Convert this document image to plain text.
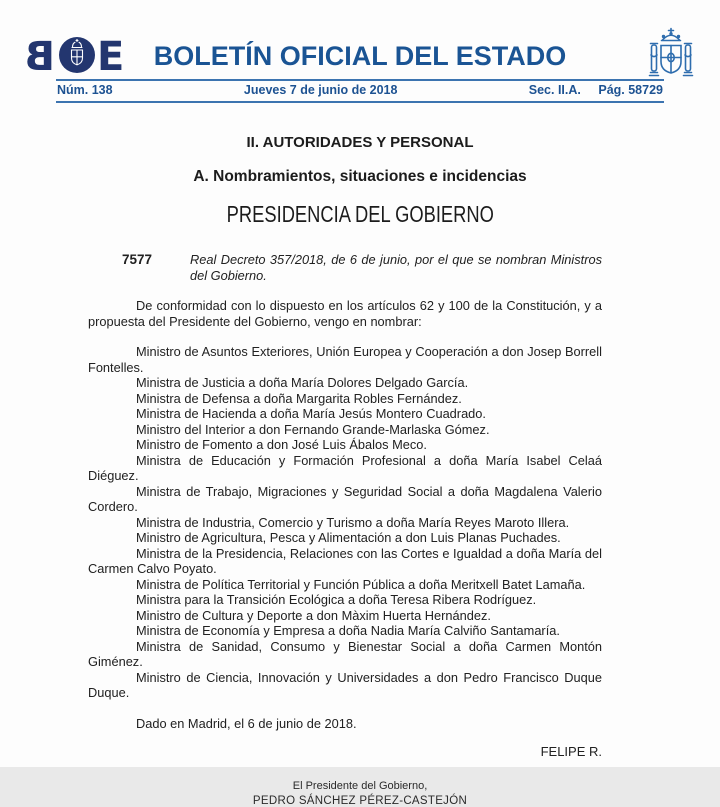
B E	BOLETÍN OFICIAL DEL ESTADO
Núm. 138	Jueves 7 de junio de 2018	Sec. II.A. Pág. 58729
II. AUTORIDADES Y PERSONAL
A. Nombramientos, situaciones e incidencias
PRESIDENCIA DEL GOBIERNO
7577	Real Decreto 357/2018, de 6 de junio, por el que se nombran Ministros del Gobierno.

De conformidad con lo dispuesto en los artículos 62 y 100 de la Constitución, y a propuesta del Presidente del Gobierno, vengo en nombrar:

Ministro de Asuntos Exteriores, Unión Europea y Cooperación a don Josep Borrell Fontelles.

Ministra de Justicia a doña María Dolores Delgado García.

Ministra de Defensa a doña Margarita Robles Fernández.

Ministra de Hacienda a doña María Jesús Montero Cuadrado.

Ministro del Interior a don Fernando Grande-Marlaska Gómez.

Ministro de Fomento a don José Luis Ábalos Meco.

Ministra de Educación y Formación Profesional a doña María Isabel Celaá Diéguez.

Ministra de Trabajo, Migraciones y Seguridad Social a doña Magdalena Valerio Cordero.

Ministra de Industria, Comercio y Turismo a doña María Reyes Maroto Illera.

Ministro de Agricultura, Pesca y Alimentación a don Luis Planas Puchades.

Ministra de la Presidencia, Relaciones con las Cortes e Igualdad a doña María del Carmen Calvo Poyato.

Ministra de Política Territorial y Función Pública a doña Meritxell Batet Lamaña.

Ministra para la Transición Ecológica a doña Teresa Ribera Rodríguez.

Ministro de Cultura y Deporte a don Màxim Huerta Hernández.

Ministra de Economía y Empresa a doña Nadia María Calviño Santamaría.

Ministra de Sanidad, Consumo y Bienestar Social a doña Carmen Montón Giménez.

Ministro de Ciencia, Innovación y Universidades a don Pedro Francisco Duque Duque.

Dado en Madrid, el 6 de junio de 2018.

FELIPE R.

El Presidente del Gobierno,

PEDRO SÁNCHEZ PÉREZ-CASTEJÓN
